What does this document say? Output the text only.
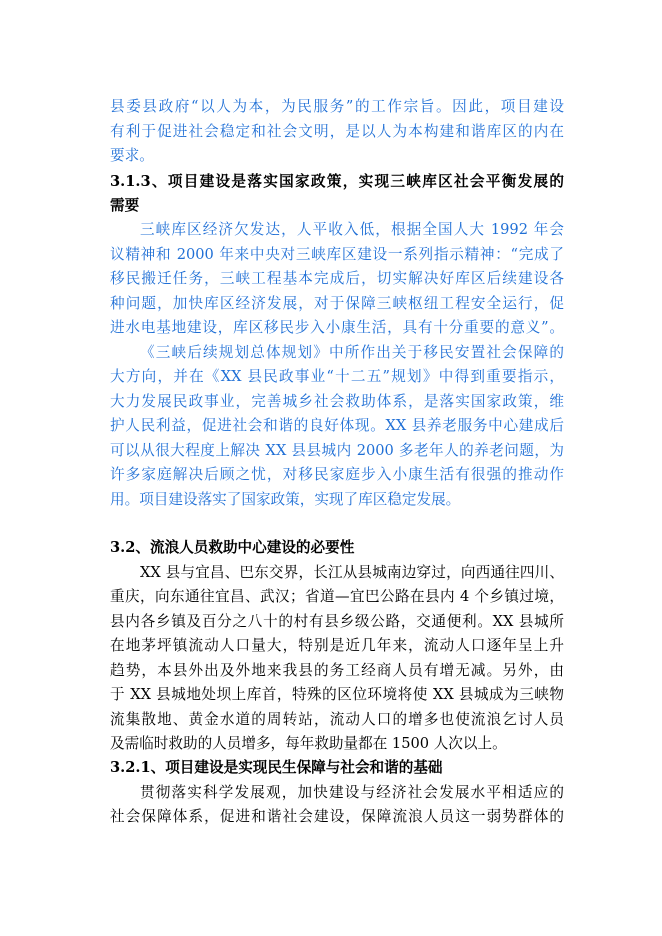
县委县政府“以人为本，为民服务”的工作宗旨。因此，项目建设
有利于促进社会稳定和社会文明，是以人为本构建和谐库区的内在
要求。
3.1.3、项目建设是落实国家政策，实现三峡库区社会平衡发展的
需要
三峡库区经济欠发达，人平收入低，根据全国人大 1992 年会
议精神和 2000 年来中央对三峡库区建设一系列指示精神：“完成了
移民搬迁任务，三峡工程基本完成后，切实解决好库区后续建设各
种问题，加快库区经济发展，对于保障三峡枢纽工程安全运行，促
进水电基地建设，库区移民步入小康生活，具有十分重要的意义”。
《三峡后续规划总体规划》中所作出关于移民安置社会保障的
大方向，并在《XX 县民政事业“十二五”规划》中得到重要指示，
大力发展民政事业，完善城乡社会救助体系，是落实国家政策，维
护人民利益，促进社会和谐的良好体现。XX 县养老服务中心建成后
可以从很大程度上解决 XX 县县城内 2000 多老年人的养老问题，为
许多家庭解决后顾之忧，对移民家庭步入小康生活有很强的推动作
用。项目建设落实了国家政策，实现了库区稳定发展。
3.2、流浪人员救助中心建设的必要性
XX 县与宜昌、巴东交界，长江从县城南边穿过，向西通往四川、
重庆，向东通往宜昌、武汉；省道—宜巴公路在县内 4 个乡镇过境，
县内各乡镇及百分之八十的村有县乡级公路，交通便利。XX 县城所
在地茅坪镇流动人口量大，特别是近几年来，流动人口逐年呈上升
趋势，本县外出及外地来我县的务工经商人员有增无减。另外，由
于 XX 县城地处坝上库首，特殊的区位环境将使 XX 县城成为三峡物
流集散地、黄金水道的周转站，流动人口的增多也使流浪乞讨人员
及需临时救助的人员增多，每年救助量都在 1500 人次以上。
3.2.1、项目建设是实现民生保障与社会和谐的基础
贯彻落实科学发展观，加快建设与经济社会发展水平相适应的
社会保障体系，促进和谐社会建设，保障流浪人员这一弱势群体的
